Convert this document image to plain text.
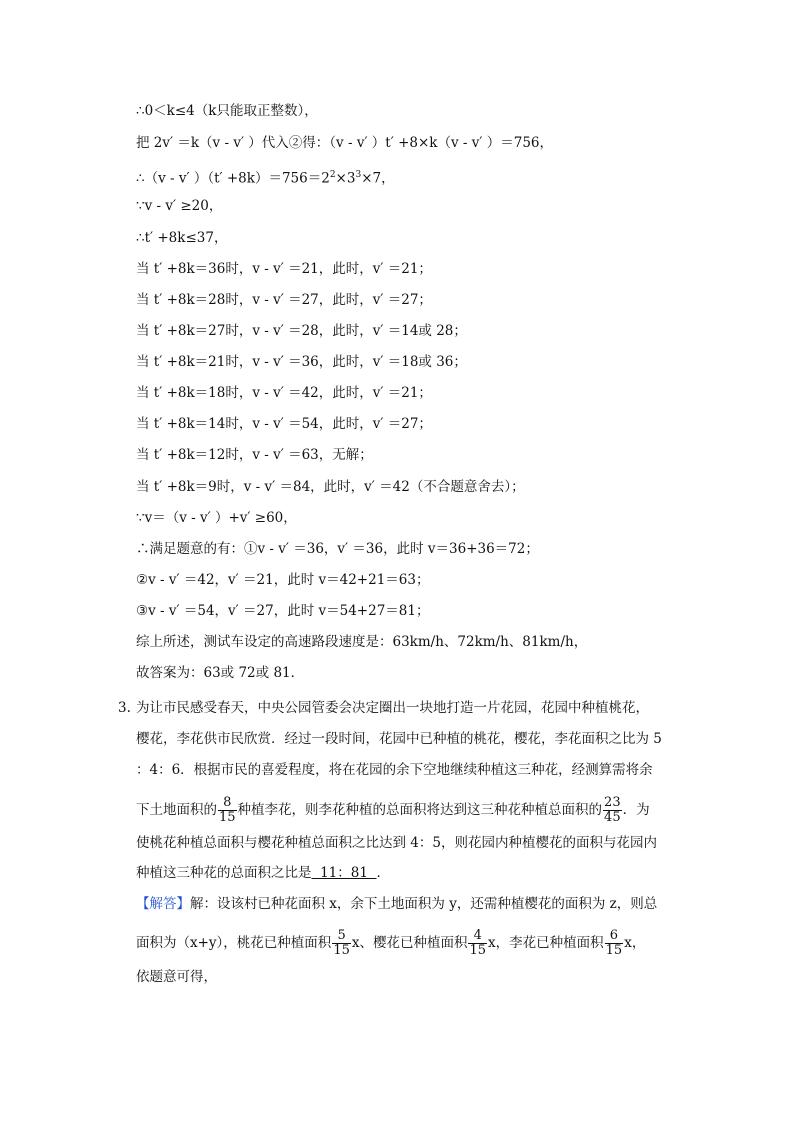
∴0＜k≤4（k只能取正整数），
把 2v′ ＝k（v - v′ ）代入②得：（v - v′ ）t′ +8×k（v - v′ ）＝756，
∴（v - v′ ）$(t' +8k)=756=2^2\times 3^3\times 7$，
∵v - v′ ≥20，
∴t′ +8k≤37，
当 t′ +8k＝36时，v - v′ ＝21，此时，v′ ＝21；
当 t′ +8k＝28时，v - v′ ＝27，此时，v′ ＝27；
当 t′ +8k＝27时，v - v′ ＝28，此时，v′ ＝14或 28；
当 t′ +8k＝21时，v - v′ ＝36，此时，v′ ＝18或 36；
当 t′ +8k＝18时，v - v′ ＝42，此时，v′ ＝21；
当 t′ +8k＝14时，v - v′ ＝54，此时，v′ ＝27；
当 t′ +8k＝12时，v - v′ ＝63，无解；
当 t′ +8k＝9时，v - v′ ＝84，此时，v′ ＝42（不合题意舍去）；
∵v＝（v - v′ ）+v′ ≥60，
∴满足题意的有：①v - v′ ＝36，v′ ＝36，此时 v＝36+36＝72；
②v - v′ ＝42，v′ ＝21，此时 v＝42+21＝63；
③v - v′ ＝54，v′ ＝27，此时 v＝54+27＝81；
综上所述，测试车设定的高速路段速度是：63km/h、72km/h、81km/h，
故答案为：63或 72或 81．
3. 为让市民感受春天，中央公园管委会决定圈出一块地打造一片花园，花园中种植桃花，
樱花，李花供市民欣赏．经过一段时间，花园中已种植的桃花，樱花，李花面积之比为 5
：4：6．根据市民的喜爱程度，将在花园的余下空地继续种植这三种花，经测算需将余
下土地面积的 $\frac{8}{15}$ 种植李花，则李花种植的总面积将达到这三种花种植总面积的 $\frac{23}{45}$ ．为
使桃花种植总面积与樱花种植总面积之比达到 4：5，则花园内种植樱花的面积与花园内
种植这三种花的总面积之比是  11：81  ．
【解答】解：设该村已种花面积 x，余下土地面积为 y，还需种植樱花的面积为 z，则总
面积为（x+y），桃花已种植面积 $\frac{5}{15}$ x、樱花已种植面积 $\frac{4}{15}$ x，李花已种植面积 $\frac{6}{15}$ x，
依题意可得，
